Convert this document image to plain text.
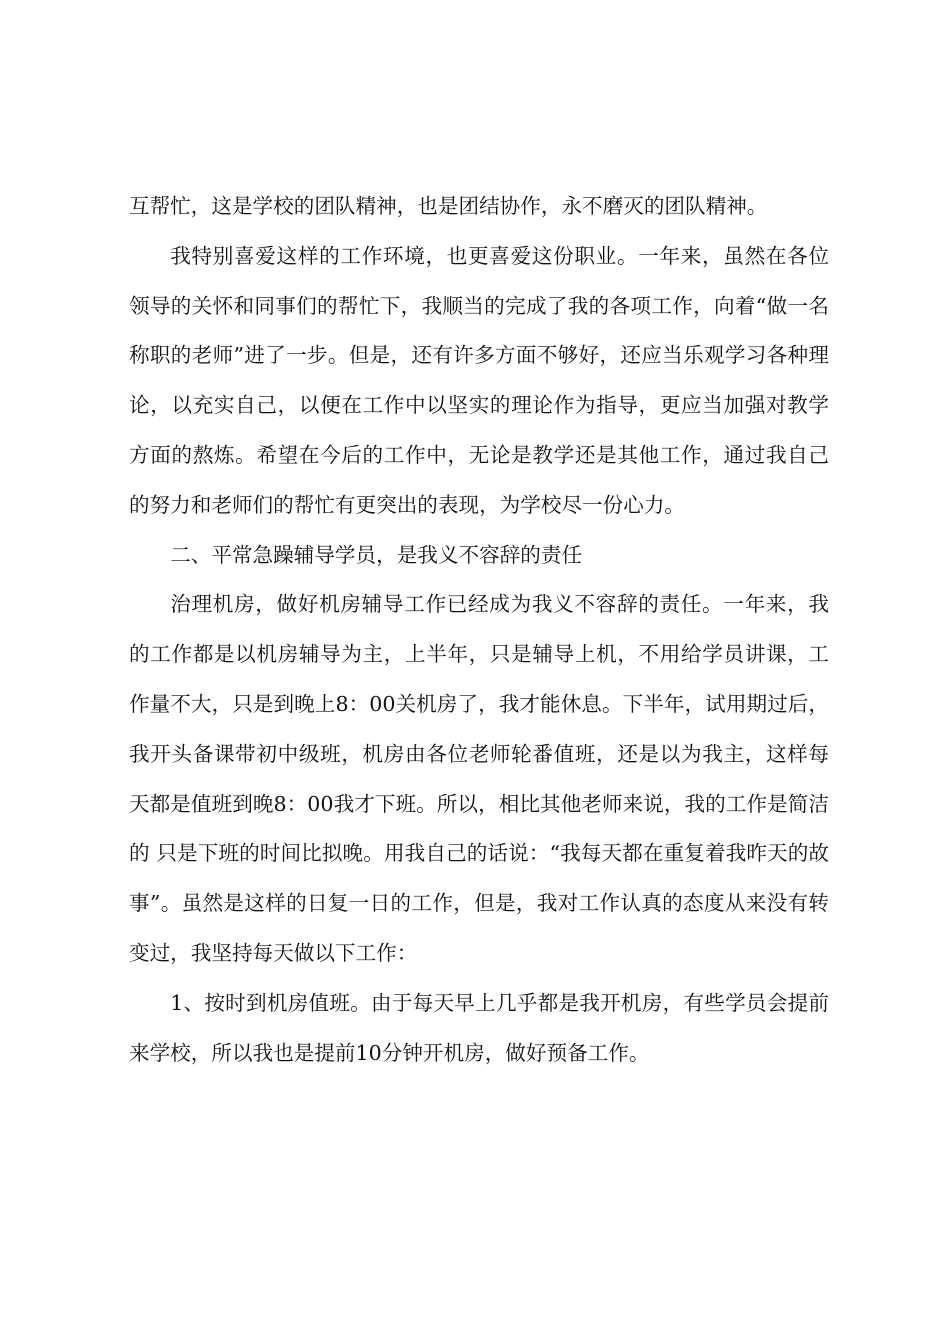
互帮忙，这是学校的团队精神，也是团结协作，永不磨灭的团队精神。

我特别喜爱这样的工作环境，也更喜爱这份职业。一年来，虽然在各位领导的关怀和同事们的帮忙下，我顺当的完成了我的各项工作，向着“做一名称职的老师”进了一步。但是，还有许多方面不够好，还应当乐观学习各种理论，以充实自己，以便在工作中以坚实的理论作为指导，更应当加强对教学方面的熬炼。希望在今后的工作中，无论是教学还是其他工作，通过我自己的努力和老师们的帮忙有更突出的表现，为学校尽一份心力。

二、平常急躁辅导学员，是我义不容辞的责任

治理机房，做好机房辅导工作已经成为我义不容辞的责任。一年来，我的工作都是以机房辅导为主，上半年，只是辅导上机，不用给学员讲课，工作量不大，只是到晚上8：00关机房了，我才能休息。下半年，试用期过后，我开头备课带初中级班，机房由各位老师轮番值班，还是以为我主，这样每天都是值班到晚8：00我才下班。所以，相比其他老师来说，我的工作是简洁的 只是下班的时间比拟晚。用我自己的话说：“我每天都在重复着我昨天的故事”。虽然是这样的日复一日的工作，但是，我对工作认真的态度从来没有转变过，我坚持每天做以下工作：

1、按时到机房值班。由于每天早上几乎都是我开机房，有些学员会提前来学校，所以我也是提前10分钟开机房，做好预备工作。
